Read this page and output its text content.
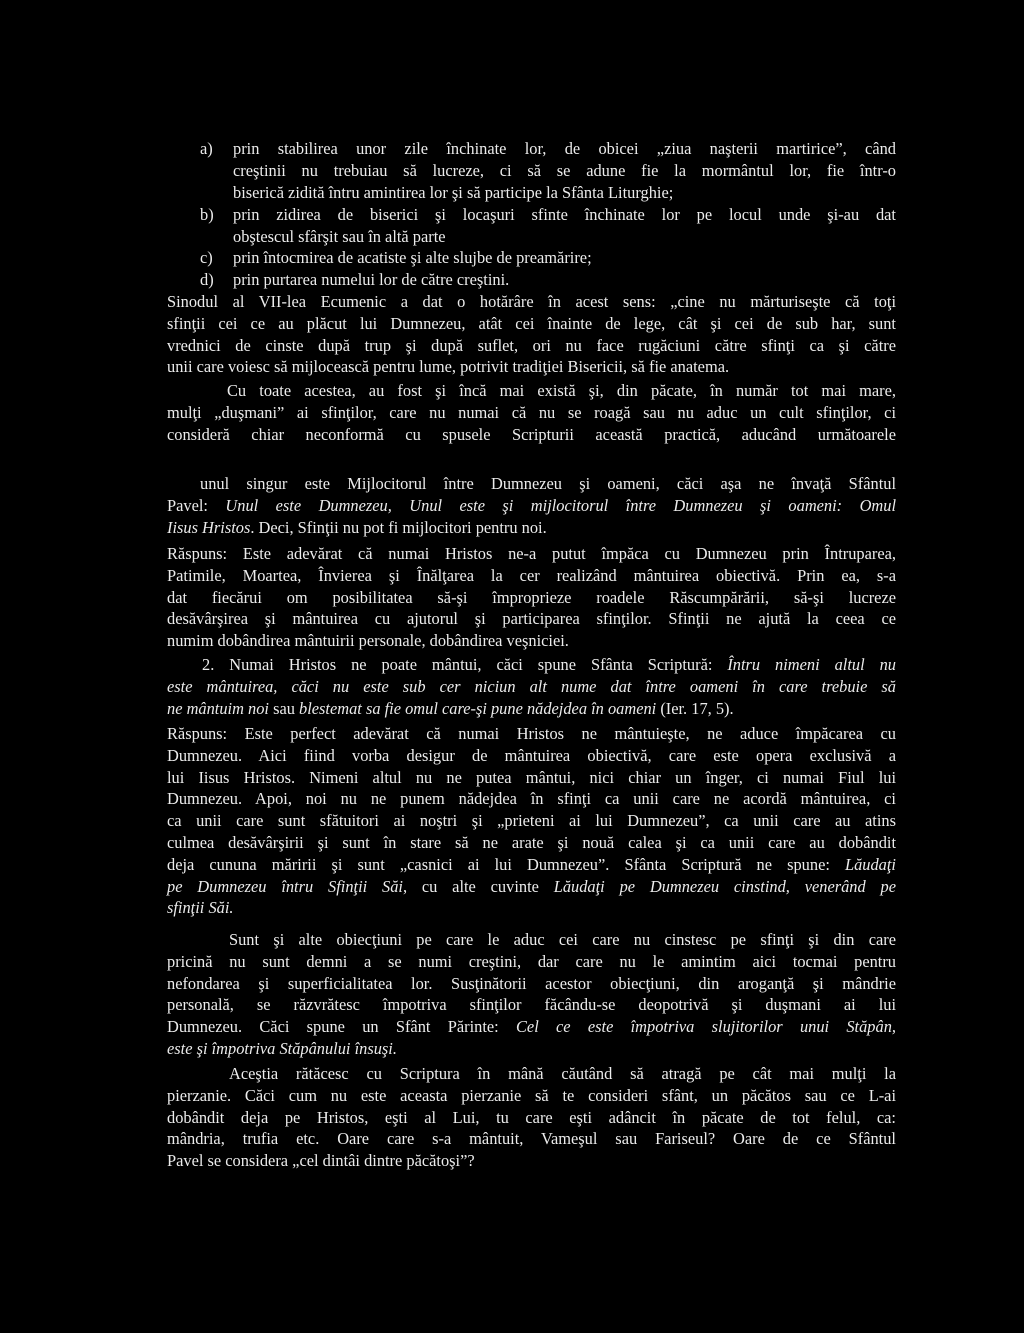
a) prin stabilirea unor zile închinate lor, de obicei „ziua naşterii martirice”, când
creştinii nu trebuiau să lucreze, ci să se adune fie la mormântul lor, fie într-o
biserică zidită întru amintirea lor şi să participe la Sfânta Liturghie;
b) prin zidirea de biserici şi locaşuri sfinte închinate lor pe locul unde şi-au dat
obştescul sfârşit sau în altă parte
c) prin întocmirea de acatiste şi alte slujbe de preamărire;
d) prin purtarea numelui lor de către creştini.
Sinodul al VII-lea Ecumenic a dat o hotărâre în acest sens: „cine nu mărturiseşte că toţi
sfinţii cei ce au plăcut lui Dumnezeu, atât cei înainte de lege, cât şi cei de sub har, sunt
vrednici de cinste după trup şi după suflet, ori nu face rugăciuni către sfinţi ca şi către
unii care voiesc să mijlocească pentru lume, potrivit tradiţiei Bisericii, să fie anatema.
Cu toate acestea, au fost şi încă mai există şi, din păcate, în număr tot mai mare,
mulţi „duşmani” ai sfinţilor, care nu numai că nu se roagă sau nu aduc un cult sfinţilor, ci
consideră chiar neconformă cu spusele Scripturii această practică, aducând următoarele
unul singur este Mijlocitorul între Dumnezeu şi oameni, căci aşa ne învaţă Sfântul
Pavel: Unul este Dumnezeu, Unul este şi mijlocitorul între Dumnezeu şi oameni: Omul
Iisus Hristos. Deci, Sfinţii nu pot fi mijlocitori pentru noi.
Răspuns: Este adevărat că numai Hristos ne-a putut împăca cu Dumnezeu prin Întruparea,
Patimile, Moartea, Învierea şi Înălţarea la cer realizând mântuirea obiectivă. Prin ea, s-a
dat fiecărui om posibilitatea să-şi împroprieze roadele Răscumpărării, să-şi lucreze
desăvârşirea şi mântuirea cu ajutorul şi participarea sfinţilor. Sfinţii ne ajută la ceea ce
numim dobândirea mântuirii personale, dobândirea veşniciei.
2. Numai Hristos ne poate mântui, căci spune Sfânta Scriptură: Întru nimeni altul nu
este mântuirea, căci nu este sub cer niciun alt nume dat între oameni în care trebuie să
ne mântuim noi sau blestemat sa fie omul care-şi pune nădejdea în oameni (Ier. 17, 5).
Răspuns: Este perfect adevărat că numai Hristos ne mântuieşte, ne aduce împăcarea cu
Dumnezeu. Aici fiind vorba desigur de mântuirea obiectivă, care este opera exclusivă a
lui Iisus Hristos. Nimeni altul nu ne putea mântui, nici chiar un înger, ci numai Fiul lui
Dumnezeu. Apoi, noi nu ne punem nădejdea în sfinţi ca unii care ne acordă mântuirea, ci
ca unii care sunt sfătuitori ai noştri şi „prieteni ai lui Dumnezeu”, ca unii care au atins
culmea desăvârşirii şi sunt în stare să ne arate şi nouă calea şi ca unii care au dobândit
deja cununa măririi şi sunt „casnici ai lui Dumnezeu”. Sfânta Scriptură ne spune: Lăudaţi
pe Dumnezeu întru Sfinţii Săi, cu alte cuvinte Lăudaţi pe Dumnezeu cinstind, venerând pe
sfinţii Săi.
Sunt şi alte obiecţiuni pe care le aduc cei care nu cinstesc pe sfinţi şi din care
pricină nu sunt demni a se numi creştini, dar care nu le amintim aici tocmai pentru
nefondarea şi superficialitatea lor. Susţinătorii acestor obiecţiuni, din aroganţă şi mândrie
personală, se răzvrătesc împotriva sfinţilor făcându-se deopotrivă şi duşmani ai lui
Dumnezeu. Căci spune un Sfânt Părinte: Cel ce este împotriva slujitorilor unui Stăpân,
este şi împotriva Stăpânului însuşi.
Aceştia rătăcesc cu Scriptura în mână căutând să atragă pe cât mai mulţi la
pierzanie. Căci cum nu este aceasta pierzanie să te consideri sfânt, un păcătos sau ce L-ai
dobândit deja pe Hristos, eşti al Lui, tu care eşti adâncit în păcate de tot felul, ca:
mândria, trufia etc. Oare care s-a mântuit, Vameşul sau Fariseul? Oare de ce Sfântul
Pavel se considera „cel dintâi dintre păcătoşi”?
